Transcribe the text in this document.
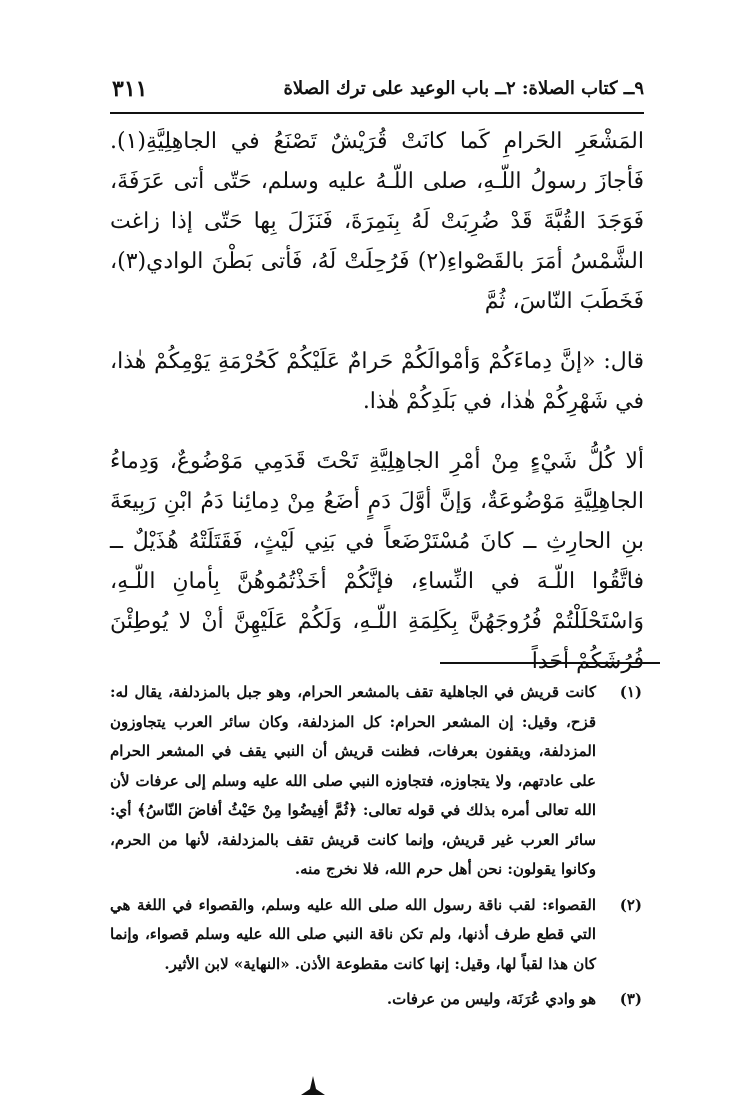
٩ــ كتاب الصلاة: ٢ــ باب الوعيد على ترك الصلاة
٣١١

المَشْعَرِ الحَرامِ كَما كانَتْ قُرَيْشٌ تَصْنَعُ في الجاهِلِيَّةِ(١). فَأجازَ رسولُ اللّـهِ، صلى اللّـهُ عليه وسلم، حَتّى أتى عَرَفَةَ، فَوَجَدَ القُبَّةَ قَدْ ضُرِبَتْ لَهُ بِنَمِرَةَ، فَنَزَلَ بِها حَتّى إذا زاغت الشَّمْسُ أمَرَ بالقَصْواءِ(٢) فَرُحِلَتْ لَهُ، فَأتى بَطْنَ الوادي(٣)، فَخَطَبَ النّاسَ، ثُمَّ

قال: «إنَّ دِماءَكُمْ وَأمْوالَكُمْ حَرامٌ عَلَيْكُمْ كَحُرْمَةِ يَوْمِكُمْ هٰذا، في شَهْرِكُمْ هٰذا، في بَلَدِكُمْ هٰذا.

ألا كُلُّ شَيْءٍ مِنْ أمْرِ الجاهِلِيَّةِ تَحْتَ قَدَمِي مَوْضُوعٌ، وَدِماءُ الجاهِلِيَّةِ مَوْضُوعَةٌ، وَإنَّ أوَّلَ دَمٍ أضَعُ مِنْ دِمائِنا دَمُ ابْنِ رَبِيعَةَ بنِ الحارِثِ ــ كانَ مُسْتَرْضَعاً في بَنِي لَيْثٍ، فَقَتَلَتْهُ هُذَيْلٌ ــ فاتَّقُوا اللّـهَ في النِّساءِ، فإنَّكُمْ أخَذْتُمُوهُنَّ بِأمانِ اللّـهِ، وَاسْتَحْلَلْتُمْ فُرُوجَهُنَّ بِكَلِمَةِ اللّـهِ، وَلَكُمْ عَلَيْهِنَّ أنْ لا يُوطِئْنَ فُرُشَكُمْ أحَداً

(١)
كانت قريش في الجاهلية تقف بالمشعر الحرام، وهو جبل بالمزدلفة، يقال له: قزح، وقيل: إن المشعر الحرام: كل المزدلفة، وكان سائر العرب يتجاوزون المزدلفة، ويقفون بعرفات، فظنت قريش أن النبي يقف في المشعر الحرام على عادتهم، ولا يتجاوزه، فتجاوزه النبي صلى الله عليه وسلم إلى عرفات لأن الله تعالى أمره بذلك في قوله تعالى: ﴿ثُمَّ أفِيضُوا مِنْ حَيْثُ أفاضَ النّاسُ﴾ أي: سائر العرب غير قريش، وإنما كانت قريش تقف بالمزدلفة، لأنها من الحرم، وكانوا يقولون: نحن أهل حرم الله، فلا نخرج منه.

(٢)
القصواء: لقب ناقة رسول الله صلى الله عليه وسلم، والقصواء في اللغة هي التي قطع طرف أذنها، ولم تكن ناقة النبي صلى الله عليه وسلم قصواء، وإنما كان هذا لقباً لها، وقيل: إنها كانت مقطوعة الأذن. «النهاية» لابن الأثير.

(٣)
هو وادي عُرَنَة، وليس من عرفات.
